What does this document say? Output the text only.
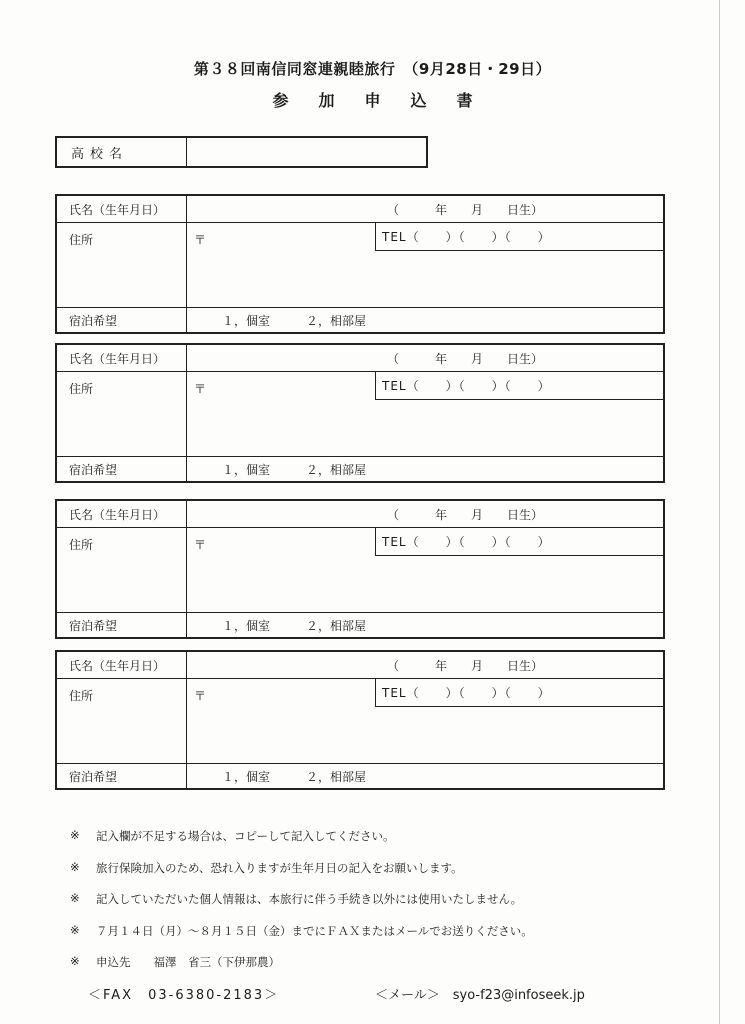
第３８回南信同窓連親睦旅行　（9月28日・29日）
参加申込書
高校名
氏名（生年月日）	（　　　年　　月　　日生）
住所	〒	TEL（　　）（　　）（　　）
宿泊希望	１，個室　　　２，相部屋
氏名（生年月日）	（　　　年　　月　　日生）
住所	〒	TEL（　　）（　　）（　　）
宿泊希望	１，個室　　　２，相部屋
氏名（生年月日）	（　　　年　　月　　日生）
住所	〒	TEL（　　）（　　）（　　）
宿泊希望	１，個室　　　２，相部屋
氏名（生年月日）	（　　　年　　月　　日生）
住所	〒	TEL（　　）（　　）（　　）
宿泊希望	１，個室　　　２，相部屋
※	記入欄が不足する場合は、コピーして記入してください。
※	旅行保険加入のため、恐れ入りますが生年月日の記入をお願いします。
※	記入していただいた個人情報は、本旅行に伴う手続き以外には使用いたしません。
※	７月１４日（月）～８月１５日（金）までにＦＡＸまたはメールでお送りください。
※	申込先　　福澤　省三（下伊那農）
＜FAX　03-6380-2183＞	＜メール＞　syo-f23@infoseek.jp
